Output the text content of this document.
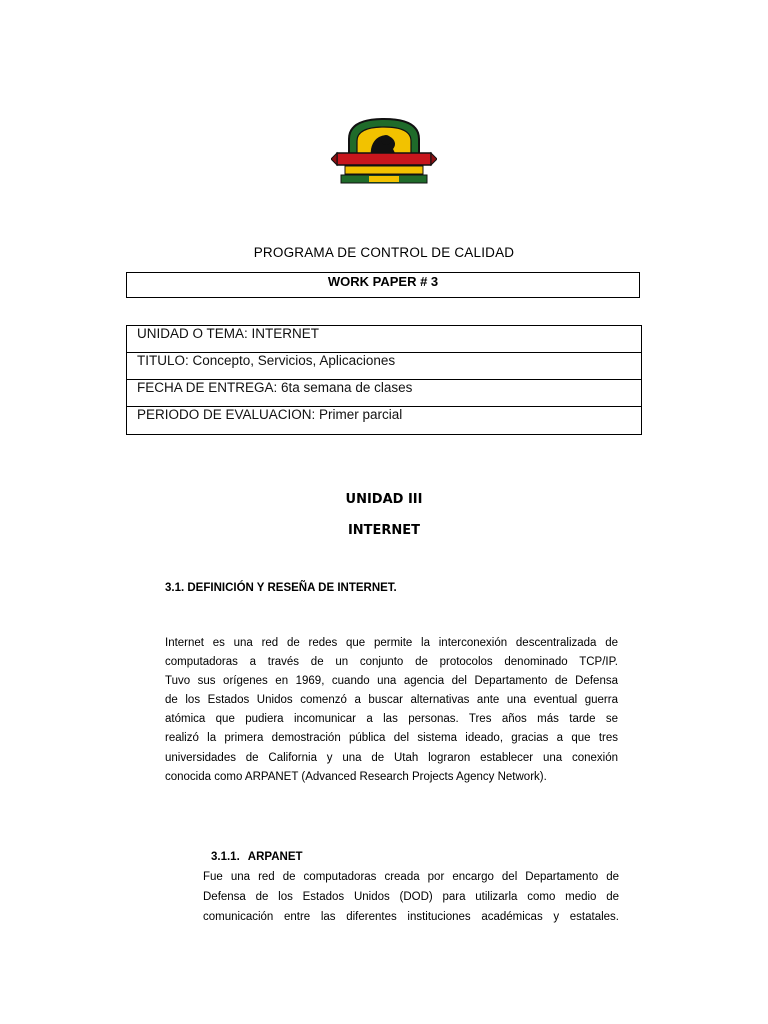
PROGRAMA DE CONTROL DE CALIDAD
WORK PAPER # 3
UNIDAD O TEMA: INTERNET
TITULO: Concepto, Servicios, Aplicaciones
FECHA DE ENTREGA: 6ta semana de clases
PERIODO DE EVALUACION: Primer parcial
UNIDAD III
INTERNET
3.1. DEFINICIÓN Y RESEÑA DE INTERNET.
Internet es una red de redes que permite la interconexión descentralizada de
computadoras a través de un conjunto de protocolos denominado TCP/IP.
Tuvo sus orígenes en 1969, cuando una agencia del Departamento de Defensa
de los Estados Unidos comenzó a buscar alternativas ante una eventual guerra
atómica que pudiera incomunicar a las personas. Tres años más tarde se
realizó la primera demostración pública del sistema ideado, gracias a que tres
universidades de California y una de Utah lograron establecer una conexión
conocida como ARPANET (Advanced Research Projects Agency Network).
3.1.1. ARPANET
Fue una red de computadoras creada por encargo del Departamento de
Defensa de los Estados Unidos (DOD) para utilizarla como medio de
comunicación entre las diferentes instituciones académicas y estatales.
